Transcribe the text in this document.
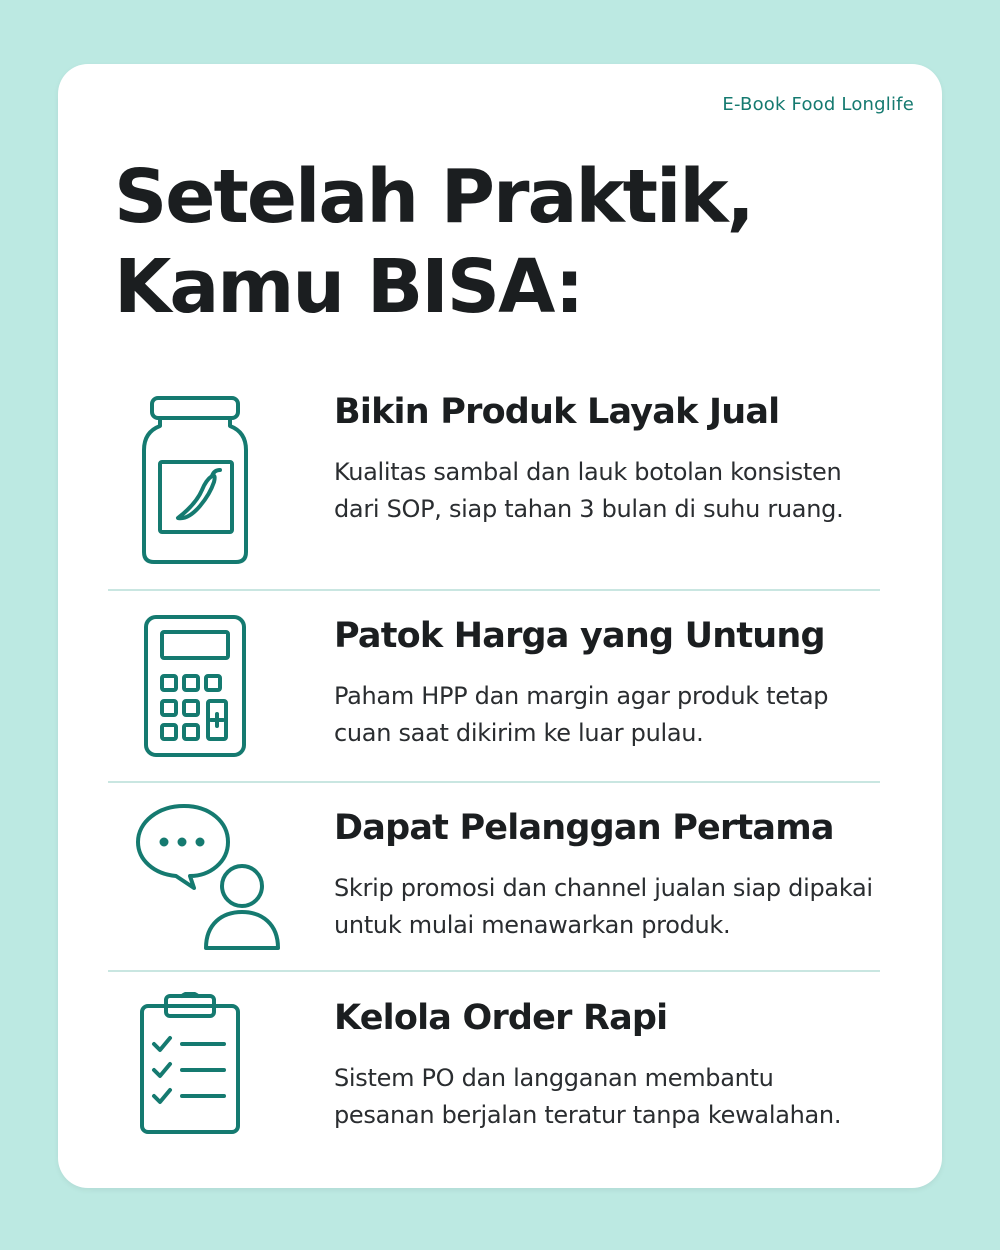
E-Book Food Longlife
Setelah Praktik,
Kamu BISA:
Bikin Produk Layak Jual

Kualitas sambal dan lauk botolan konsisten dari SOP, siap tahan 3 bulan di suhu ruang.

Patok Harga yang Untung

Paham HPP dan margin agar produk tetap cuan saat dikirim ke luar pulau.

Dapat Pelanggan Pertama

Skrip promosi dan channel jualan siap dipakai untuk mulai menawarkan produk.

Kelola Order Rapi

Sistem PO dan langganan membantu pesanan berjalan teratur tanpa kewalahan.
